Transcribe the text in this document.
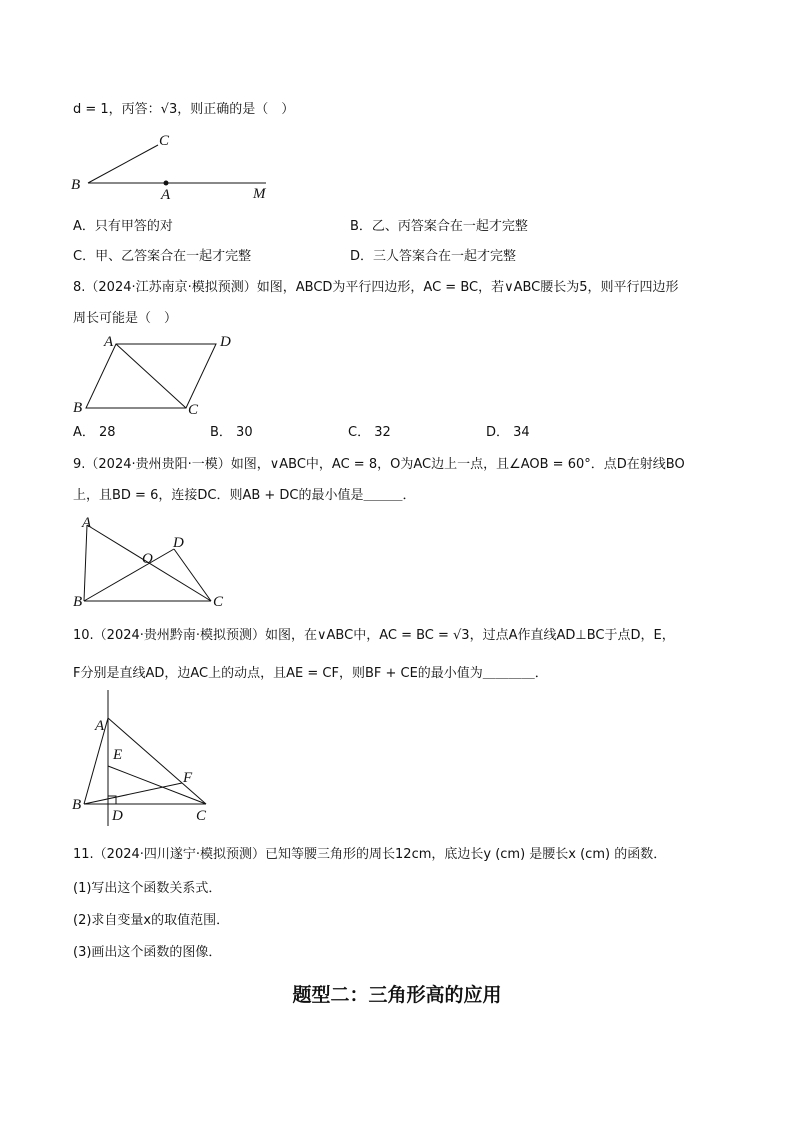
d = 1，丙答：√3，则正确的是（　）
C
B
A	M
A．只有甲答的对	B．乙、丙答案合在一起才完整
C．甲、乙答案合在一起才完整	D．三人答案合在一起才完整
8.（2024·江苏南京·模拟预测）如图，ABCD为平行四边形，AC = BC，若∨ABC腰长为5，则平行四边形
周长可能是（　）
A	D
B	C
A． 28	B． 30	C． 32	D． 34
9.（2024·贵州贵阳·一模）如图，∨ABC中，AC = 8，O为AC边上一点，且∠AOB = 60°．点D在射线BO
上，且BD = 6，连接DC．则AB + DC的最小值是＿＿＿．
A
O
D
B	C
10.（2024·贵州黔南·模拟预测）如图，在∨ABC中，AC = BC = √3，过点A作直线AD⊥BC于点D，E，
F分别是直线AD，边AC上的动点，且AE = CF，则BF + CE的最小值为＿＿＿＿．
A
E
F
B
D	C
11.（2024·四川遂宁·模拟预测）已知等腰三角形的周长12cm，底边长y (cm) 是腰长x (cm) 的函数．
(1)写出这个函数关系式．
(2)求自变量x的取值范围．
(3)画出这个函数的图像．
题型二：三角形高的应用
